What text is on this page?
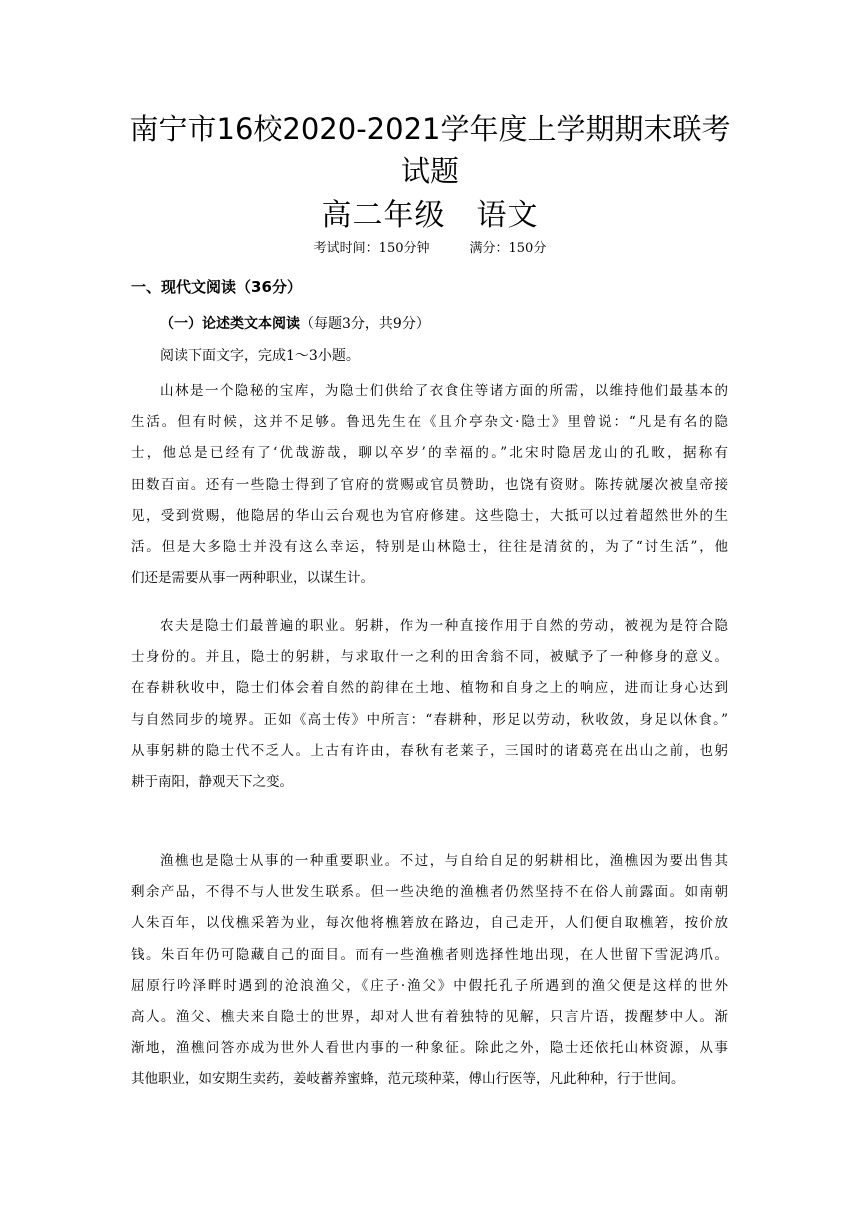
南宁市16校2020-2021学年度上学期期末联考
试题
高二年级　语文
考试时间：150分钟	满分：150分
一、现代文阅读（36分）
（一）论述类文本阅读（每题3分，共9分）
阅读下面文字，完成1～3小题。
山林是一个隐秘的宝库，为隐士们供给了衣食住等诸方面的所需，以维持他们最基本的
生活。但有时候，这并不足够。鲁迅先生在《且介亭杂文·隐士》里曾说：“凡是有名的隐
士，他总是已经有了‘优哉游哉，聊以卒岁’的幸福的。”北宋时隐居龙山的孔畋，据称有
田数百亩。还有一些隐士得到了官府的赏赐或官员赞助，也饶有资财。陈抟就屡次被皇帝接
见，受到赏赐，他隐居的华山云台观也为官府修建。这些隐士，大抵可以过着超然世外的生
活。但是大多隐士并没有这么幸运，特别是山林隐士，往往是清贫的，为了“讨生活”，他
们还是需要从事一两种职业，以谋生计。
农夫是隐士们最普遍的职业。躬耕，作为一种直接作用于自然的劳动，被视为是符合隐
士身份的。并且，隐士的躬耕，与求取什一之利的田舍翁不同，被赋予了一种修身的意义。
在春耕秋收中，隐士们体会着自然的韵律在土地、植物和自身之上的响应，进而让身心达到
与自然同步的境界。正如《高士传》中所言：“春耕种，形足以劳动，秋收敛，身足以休食。”
从事躬耕的隐士代不乏人。上古有许由，春秋有老莱子，三国时的诸葛亮在出山之前，也躬
耕于南阳，静观天下之变。
渔樵也是隐士从事的一种重要职业。不过，与自给自足的躬耕相比，渔樵因为要出售其
剩余产品，不得不与人世发生联系。但一些决绝的渔樵者仍然坚持不在俗人前露面。如南朝
人朱百年，以伐樵采箬为业，每次他将樵箬放在路边，自己走开，人们便自取樵箬，按价放
钱。朱百年仍可隐藏自己的面目。而有一些渔樵者则选择性地出现，在人世留下雪泥鸿爪。
屈原行吟泽畔时遇到的沧浪渔父，《庄子·渔父》中假托孔子所遇到的渔父便是这样的世外
高人。渔父、樵夫来自隐士的世界，却对人世有着独特的见解，只言片语，拨醒梦中人。渐
渐地，渔樵问答亦成为世外人看世内事的一种象征。除此之外，隐士还依托山林资源，从事
其他职业，如安期生卖药，姜岐蓄养蜜蜂，范元琰种菜，傅山行医等，凡此种种，行于世间。
